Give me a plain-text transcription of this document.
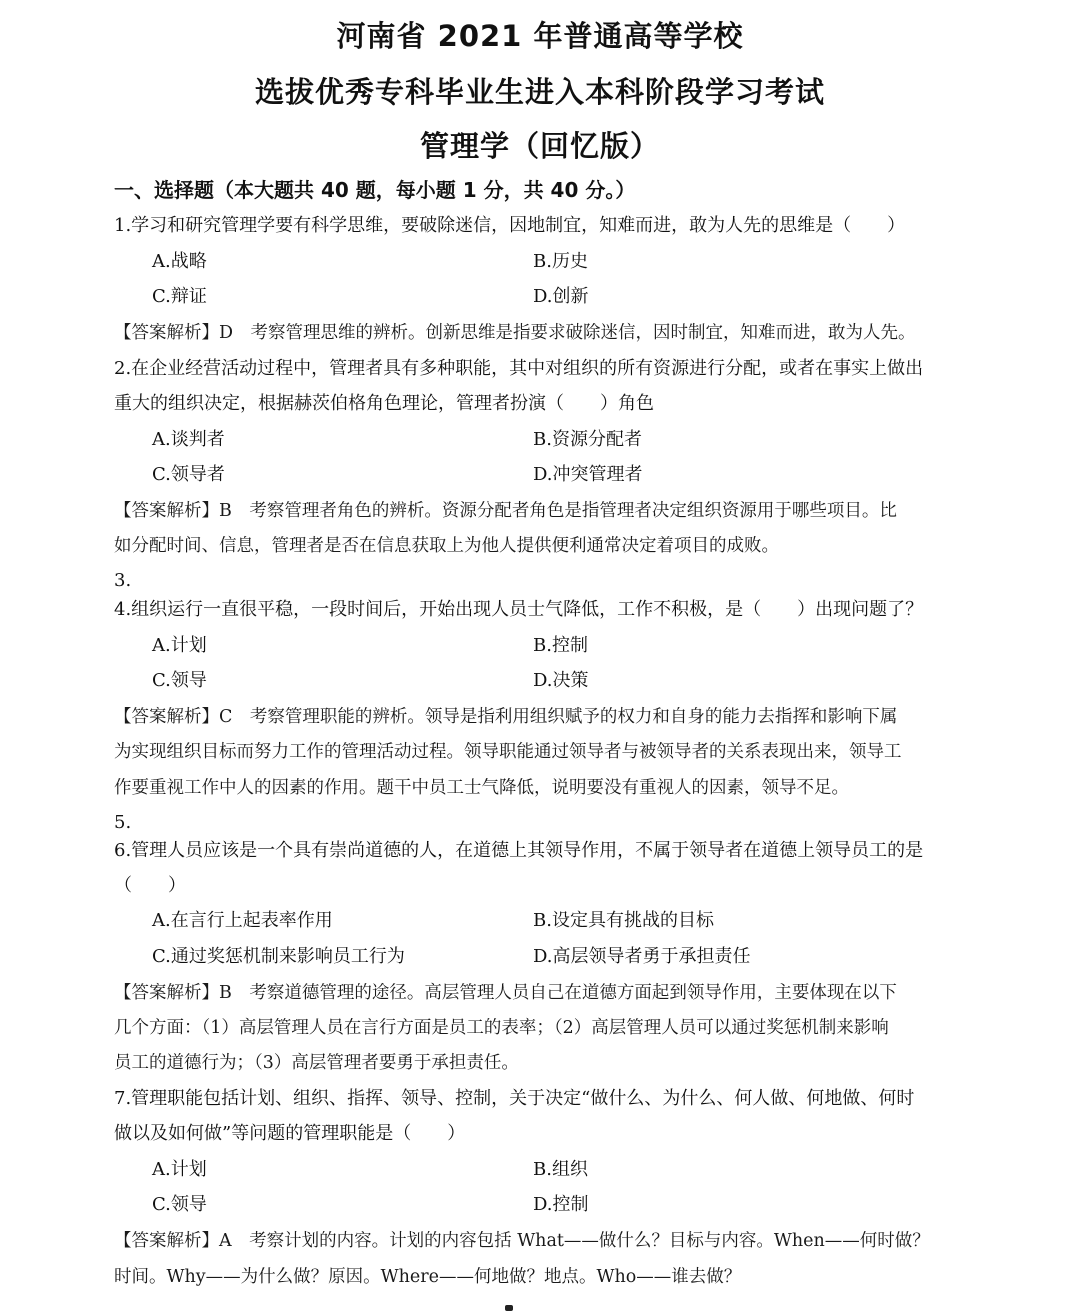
河南省 2021 年普通高等学校
选拔优秀专科毕业生进入本科阶段学习考试
管理学（回忆版）
一、选择题（本大题共 40 题，每小题 1 分，共 40 分。）
1.学习和研究管理学要有科学思维，要破除迷信，因地制宜，知难而进，敢为人先的思维是（　　）
A.战略	B.历史
C.辩证	D.创新
【答案解析】D　考察管理思维的辨析。创新思维是指要求破除迷信，因时制宜，知难而进，敢为人先。
2.在企业经营活动过程中，管理者具有多种职能，其中对组织的所有资源进行分配，或者在事实上做出
重大的组织决定，根据赫茨伯格角色理论，管理者扮演（　　）角色
A.谈判者	B.资源分配者
C.领导者	D.冲突管理者
【答案解析】B　考察管理者角色的辨析。资源分配者角色是指管理者决定组织资源用于哪些项目。比
如分配时间、信息，管理者是否在信息获取上为他人提供便利通常决定着项目的成败。
3.
4.组织运行一直很平稳，一段时间后，开始出现人员士气降低，工作不积极，是（　　）出现问题了？
A.计划	B.控制
C.领导	D.决策
【答案解析】C　考察管理职能的辨析。领导是指利用组织赋予的权力和自身的能力去指挥和影响下属
为实现组织目标而努力工作的管理活动过程。领导职能通过领导者与被领导者的关系表现出来，领导工
作要重视工作中人的因素的作用。题干中员工士气降低，说明要没有重视人的因素，领导不足。
5.
6.管理人员应该是一个具有崇尚道德的人，在道德上其领导作用，不属于领导者在道德上领导员工的是
（　　）
A.在言行上起表率作用	B.设定具有挑战的目标
C.通过奖惩机制来影响员工行为	D.高层领导者勇于承担责任
【答案解析】B　考察道德管理的途径。高层管理人员自己在道德方面起到领导作用，主要体现在以下
几个方面：（1）高层管理人员在言行方面是员工的表率；（2）高层管理人员可以通过奖惩机制来影响
员工的道德行为；（3）高层管理者要勇于承担责任。
7.管理职能包括计划、组织、指挥、领导、控制，关于决定“做什么、为什么、何人做、何地做、何时
做以及如何做”等问题的管理职能是（　　）
A.计划	B.组织
C.领导	D.控制
【答案解析】A　考察计划的内容。计划的内容包括 What——做什么？目标与内容。When——何时做？
时间。Why——为什么做？原因。Where——何地做？地点。Who——谁去做？
